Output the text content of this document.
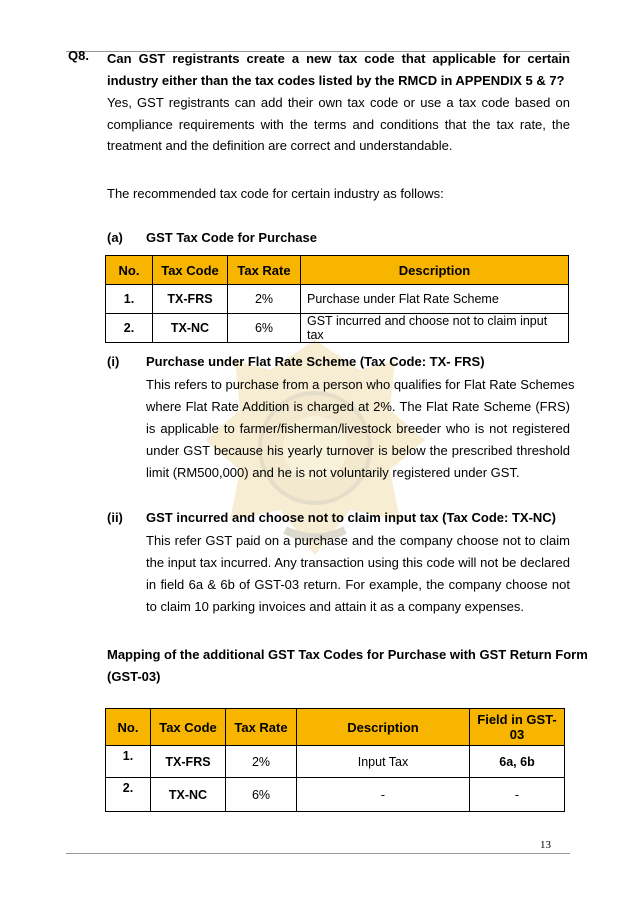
Q8. Can GST registrants create a new tax code that applicable for certain
industry either than the tax codes listed by the RMCD in APPENDIX 5 & 7?
Yes, GST registrants can add their own tax code or use a tax code based on
compliance requirements with the terms and conditions that the tax rate, the
treatment and the definition are correct and understandable.
The recommended tax code for certain industry as follows:
(a) GST Tax Code for Purchase
No.	Tax Code	Tax Rate	Description
1.	TX-FRS	2%	Purchase under Flat Rate Scheme
2.	TX-NC	6%	GST incurred and choose not to claim input tax
(i) Purchase under Flat Rate Scheme (Tax Code: TX- FRS)
This refers to purchase from a person who qualifies for Flat Rate Schemes
where Flat Rate Addition is charged at 2%. The Flat Rate Scheme (FRS)
is applicable to farmer/fisherman/livestock breeder who is not registered
under GST because his yearly turnover is below the prescribed threshold
limit (RM500,000) and he is not voluntarily registered under GST.
(ii) GST incurred and choose not to claim input tax (Tax Code: TX-NC)
This refer GST paid on a purchase and the company choose not to claim
the input tax incurred. Any transaction using this code will not be declared
in field 6a & 6b of GST-03 return. For example, the company choose not
to claim 10 parking invoices and attain it as a company expenses.
Mapping of the additional GST Tax Codes for Purchase with GST Return Form
(GST-03)
No.	Tax Code	Tax Rate	Description	Field in GST-03
1.	TX-FRS	2%	Input Tax	6a, 6b
2.	TX-NC	6%	-	-
13
